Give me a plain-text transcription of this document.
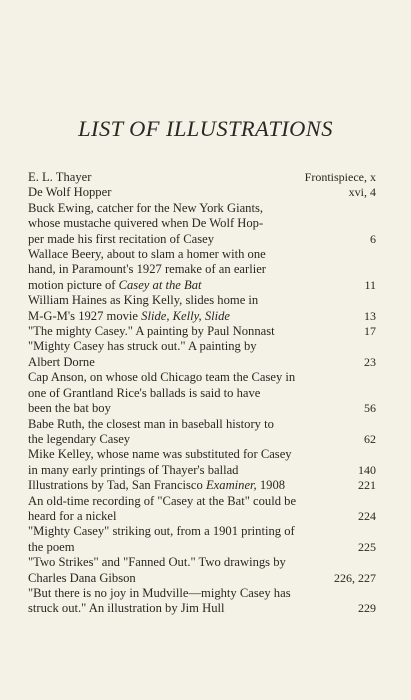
LIST OF ILLUSTRATIONS
E. L. Thayer	Frontispiece, x
De Wolf Hopper	xvi, 4
Buck Ewing, catcher for the New York Giants,
whose mustache quivered when De Wolf Hop-
per made his first recitation of Casey	6
Wallace Beery, about to slam a homer with one
hand, in Paramount's 1927 remake of an earlier
motion picture of Casey at the Bat	11
William Haines as King Kelly, slides home in
M-G-M's 1927 movie Slide, Kelly, Slide	13
"The mighty Casey." A painting by Paul Nonnast	17
"Mighty Casey has struck out." A painting by
Albert Dorne	23
Cap Anson, on whose old Chicago team the Casey in
one of Grantland Rice's ballads is said to have
been the bat boy	56
Babe Ruth, the closest man in baseball history to
the legendary Casey	62
Mike Kelley, whose name was substituted for Casey
in many early printings of Thayer's ballad	140
Illustrations by Tad, San Francisco Examiner, 1908	221
An old-time recording of "Casey at the Bat" could be
heard for a nickel	224
"Mighty Casey" striking out, from a 1901 printing of
the poem	225
"Two Strikes" and "Fanned Out." Two drawings by
Charles Dana Gibson	226, 227
"But there is no joy in Mudville—mighty Casey has
struck out." An illustration by Jim Hull	229
